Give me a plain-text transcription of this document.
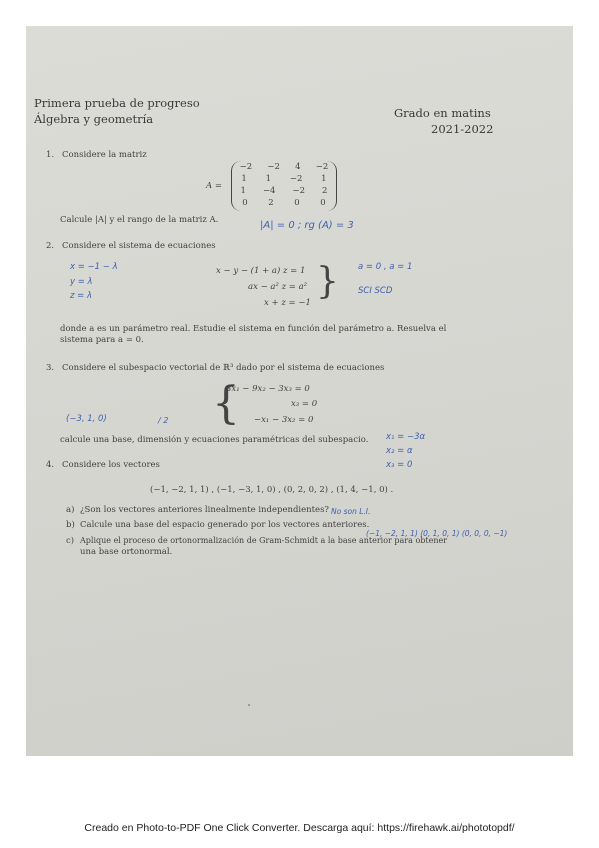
Primera prueba de progreso
Álgebra y geometría	Grado en matins
2021-2022
1. Considere la matriz
A =
−2 −2 4 −2
1 1 −2 1
1 −4 −2 2
0 2 0 0
Calcule |A| y el rango de la matriz A.	|A| = 0 ; rg (A) = 3
2. Considere el sistema de ecuaciones
x = −1 − λ
y = λ
z = λ
x − y − (1 + a) z = 1
ax − a² z = a²
x + z = −1
} a = 0 , a = 1
SCI SCD
donde a es un parámetro real. Estudie el sistema en función del parámetro a. Resuelva el
sistema para a = 0.
3. Considere el subespacio vectorial de ℝ³ dado por el sistema de ecuaciones
{
3x₁ − 9x₂ − 3x₃ = 0
x₃ = 0
−x₁ − 3x₂ = 0
(−3, 1, 0)	/ 2
calcule una base, dimensión y ecuaciones paramétricas del subespacio. x₁ = −3α
x₂ = α
x₃ = 0
4. Considere los vectores
(−1, −2, 1, 1) , (−1, −3, 1, 0) , (0, 2, 0, 2) , (1, 4, −1, 0) .
a) ¿Son los vectores anteriores linealmente independientes? No son L.I.
b) Calcule una base del espacio generado por los vectores anteriores.
(−1, −2, 1, 1) (0, 1, 0, 1) (0, 0, 0, −1)
c) Aplique el proceso de ortonormalización de Gram-Schmidt a la base anterior para obtener
una base ortonormal.
Creado en Photo-to-PDF One Click Converter. Descarga aquí: https://firehawk.ai/phototopdf/
